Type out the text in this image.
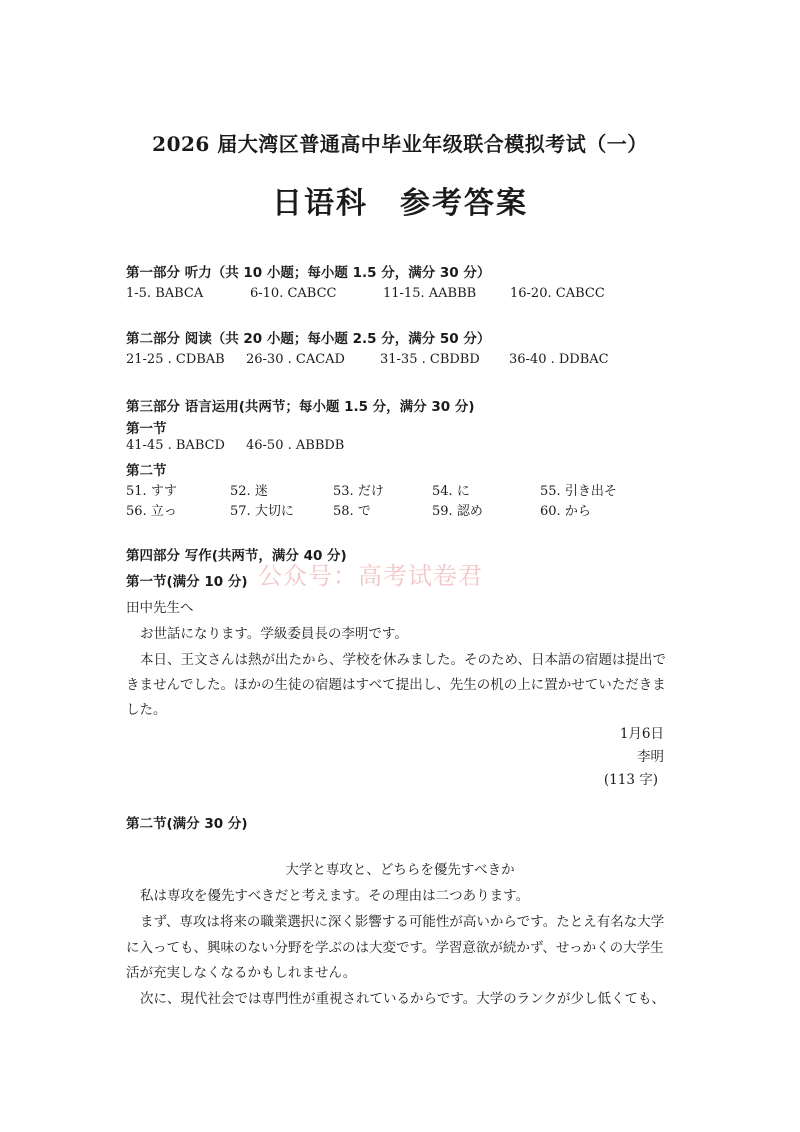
2026 届大湾区普通高中毕业年级联合模拟考试（一）
日语科　参考答案
第一部分 听力（共 10 小题；每小题 1.5 分，满分 30 分）
1-5. BABCA	6-10. CABCC	11-15. AABBB	16-20. CABCC
第二部分 阅读（共 20 小题；每小题 2.5 分，满分 50 分）
21-25 . CDBAB 26-30 . CACAD	31-35 . CBDBD 36-40 . DDBAC
第三部分 语言运用(共两节；每小题 1.5 分，满分 30 分)
第一节
41-45 . BABCD 46-50 . ABBDB
第二节
51. すす	52. 迷	53. だけ	54. に	55. 引き出そ
56. 立っ	57. 大切に	58. で	59. 認め	60. から
第四部分 写作(共两节，满分 40 分)
公众号：高考试卷君
第一节(满分 10 分)
田中先生へ
お世話になります。学級委員長の李明です。
本日、王文さんは熱が出たから、学校を休みました。そのため、日本語の宿題は提出で
きませんでした。ほかの生徒の宿題はすべて提出し、先生の机の上に置かせていただきま
した。
1月6日
李明
(113 字)
第二节(满分 30 分)
大学と専攻と、どちらを優先すべきか
私は専攻を優先すべきだと考えます。その理由は二つあります。
まず、専攻は将来の職業選択に深く影響する可能性が高いからです。たとえ有名な大学
に入っても、興味のない分野を学ぶのは大変です。学習意欲が続かず、せっかくの大学生
活が充実しなくなるかもしれません。
次に、現代社会では専門性が重視されているからです。大学のランクが少し低くても、
